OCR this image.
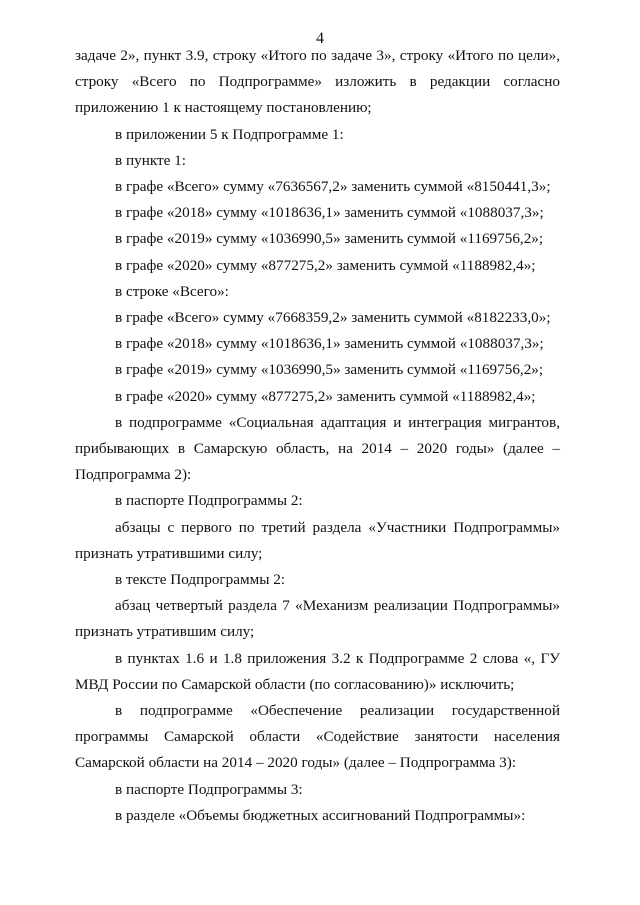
4

задаче 2», пункт 3.9, строку «Итого по задаче 3», строку «Итого по цели», строку «Всего по Подпрограмме» изложить в редакции согласно приложению 1 к настоящему постановлению;

в приложении 5 к Подпрограмме 1:

в пункте 1:

в графе «Всего» сумму «7636567,2» заменить суммой «8150441,3»;

в графе «2018» сумму «1018636,1» заменить суммой «1088037,3»;

в графе «2019» сумму «1036990,5» заменить суммой «1169756,2»;

в графе «2020» сумму «877275,2» заменить суммой «1188982,4»;

в строке «Всего»:

в графе «Всего» сумму «7668359,2» заменить суммой «8182233,0»;

в графе «2018» сумму «1018636,1» заменить суммой «1088037,3»;

в графе «2019» сумму «1036990,5» заменить суммой «1169756,2»;

в графе «2020» сумму «877275,2» заменить суммой «1188982,4»;

в подпрограмме «Социальная адаптация и интеграция мигрантов, прибывающих в Самарскую область, на 2014 – 2020 годы» (далее – Подпрограмма 2):

в паспорте Подпрограммы 2:

абзацы с первого по третий раздела «Участники Подпрограммы» признать утратившими силу;

в тексте Подпрограммы 2:

абзац четвертый раздела 7 «Механизм реализации Подпрограммы» признать утратившим силу;

в пунктах 1.6 и 1.8 приложения 3.2 к Подпрограмме 2 слова «, ГУ МВД России по Самарской области (по согласованию)» исключить;

в подпрограмме «Обеспечение реализации государственной программы Самарской области «Содействие занятости населения Самарской области на 2014 – 2020 годы» (далее – Подпрограмма 3):

в паспорте Подпрограммы 3:

в разделе «Объемы бюджетных ассигнований Подпрограммы»:
